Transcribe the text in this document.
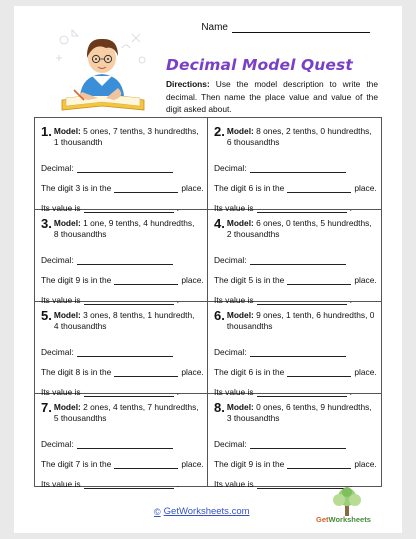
Name
Decimal Model Quest
Directions: Use the model description to write the decimal. Then name the place value and value of the digit asked about.
1. Model: 5 ones, 7 tenths, 3 hundredths, 1 thousandth
Decimal:
The digit
3
is in the	place.
Its value is	.
2. Model: 8 ones, 2 tenths, 0 hundredths, 6 thousandths
Decimal:
The digit
6
is in the	place.
Its value is	.
3. Model: 1 one, 9 tenths, 4 hundredths, 8 thousandths
Decimal:
The digit
9
is in the	place.
Its value is	.
4. Model: 6 ones, 0 tenths, 5 hundredths, 2 thousandths
Decimal:
The digit
5
is in the	place.
Its value is	.
5. Model: 3 ones, 8 tenths, 1 hundredth, 4 thousandths
Decimal:
The digit
8
is in the	place.
Its value is	.
6. Model: 9 ones, 1 tenth, 6 hundredths, 0 thousandths
Decimal:
The digit
6
is in the	place.
Its value is	.
7. Model: 2 ones, 4 tenths, 7 hundredths, 5 thousandths
Decimal:
The digit
7
is in the	place.
Its value is	.
8. Model: 0 ones, 6 tenths, 9 hundredths, 3 thousandths
Decimal:
The digit
9
is in the	place.
Its value is	.
© GetWorksheets.com
GetWorksheets
